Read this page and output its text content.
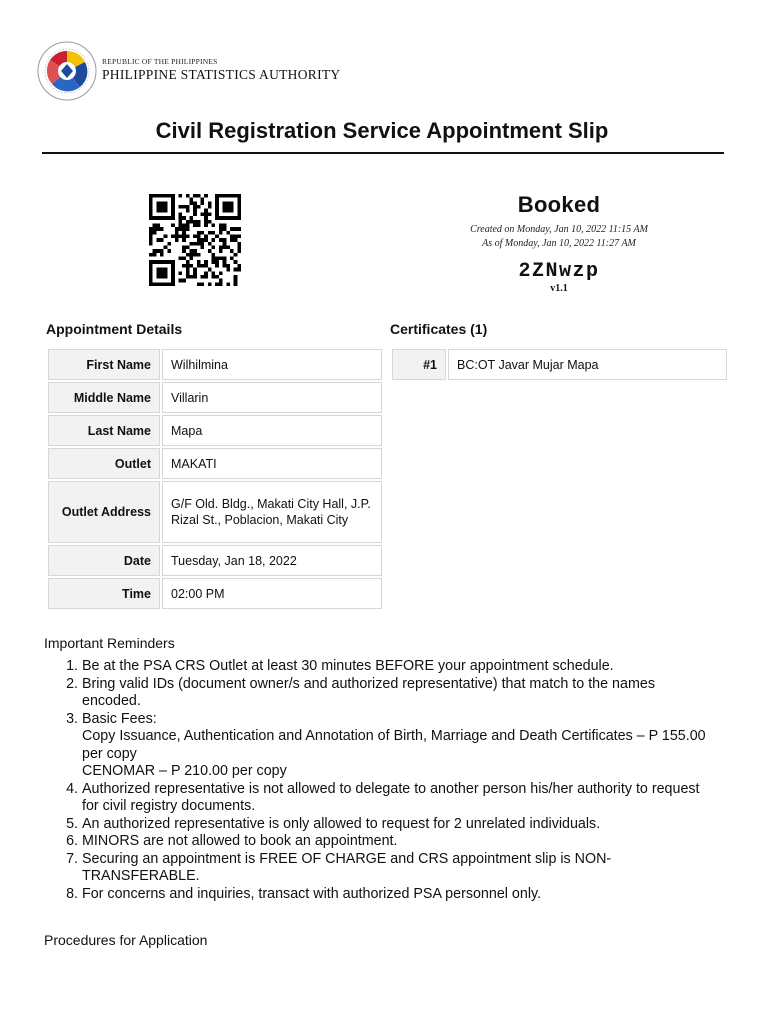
REPUBLIC OF THE PHILIPPINES
PHILIPPINE STATISTICS AUTHORITY
Civil Registration Service Appointment Slip
Booked
Created on Monday, Jan 10, 2022 11:15 AM
As of Monday, Jan 10, 2022 11:27 AM
2ZNwzp
v1.1
Appointment Details
First Name	Wilhilmina
Middle Name	Villarin
Last Name	Mapa
Outlet	MAKATI
Outlet Address	G/F Old. Bldg., Makati City Hall, J.P. Rizal St., Poblacion, Makati City
Date	Tuesday, Jan 18, 2022
Time	02:00 PM
Certificates (1)
#1	BC:OT Javar Mujar Mapa
Important Reminders
1. Be at the PSA CRS Outlet at least 30 minutes BEFORE your appointment schedule.
2. Bring valid IDs (document owner/s and authorized representative) that match to the names encoded.
3. Basic Fees:
Copy Issuance, Authentication and Annotation of Birth, Marriage and Death Certificates – P 155.00 per copy
CENOMAR – P 210.00 per copy
4. Authorized representative is not allowed to delegate to another person his/her authority to request for civil registry documents.
5. An authorized representative is only allowed to request for 2 unrelated individuals.
6. MINORS are not allowed to book an appointment.
7. Securing an appointment is FREE OF CHARGE and CRS appointment slip is NON-TRANSFERABLE.
8. For concerns and inquiries, transact with authorized PSA personnel only.
Procedures for Application
